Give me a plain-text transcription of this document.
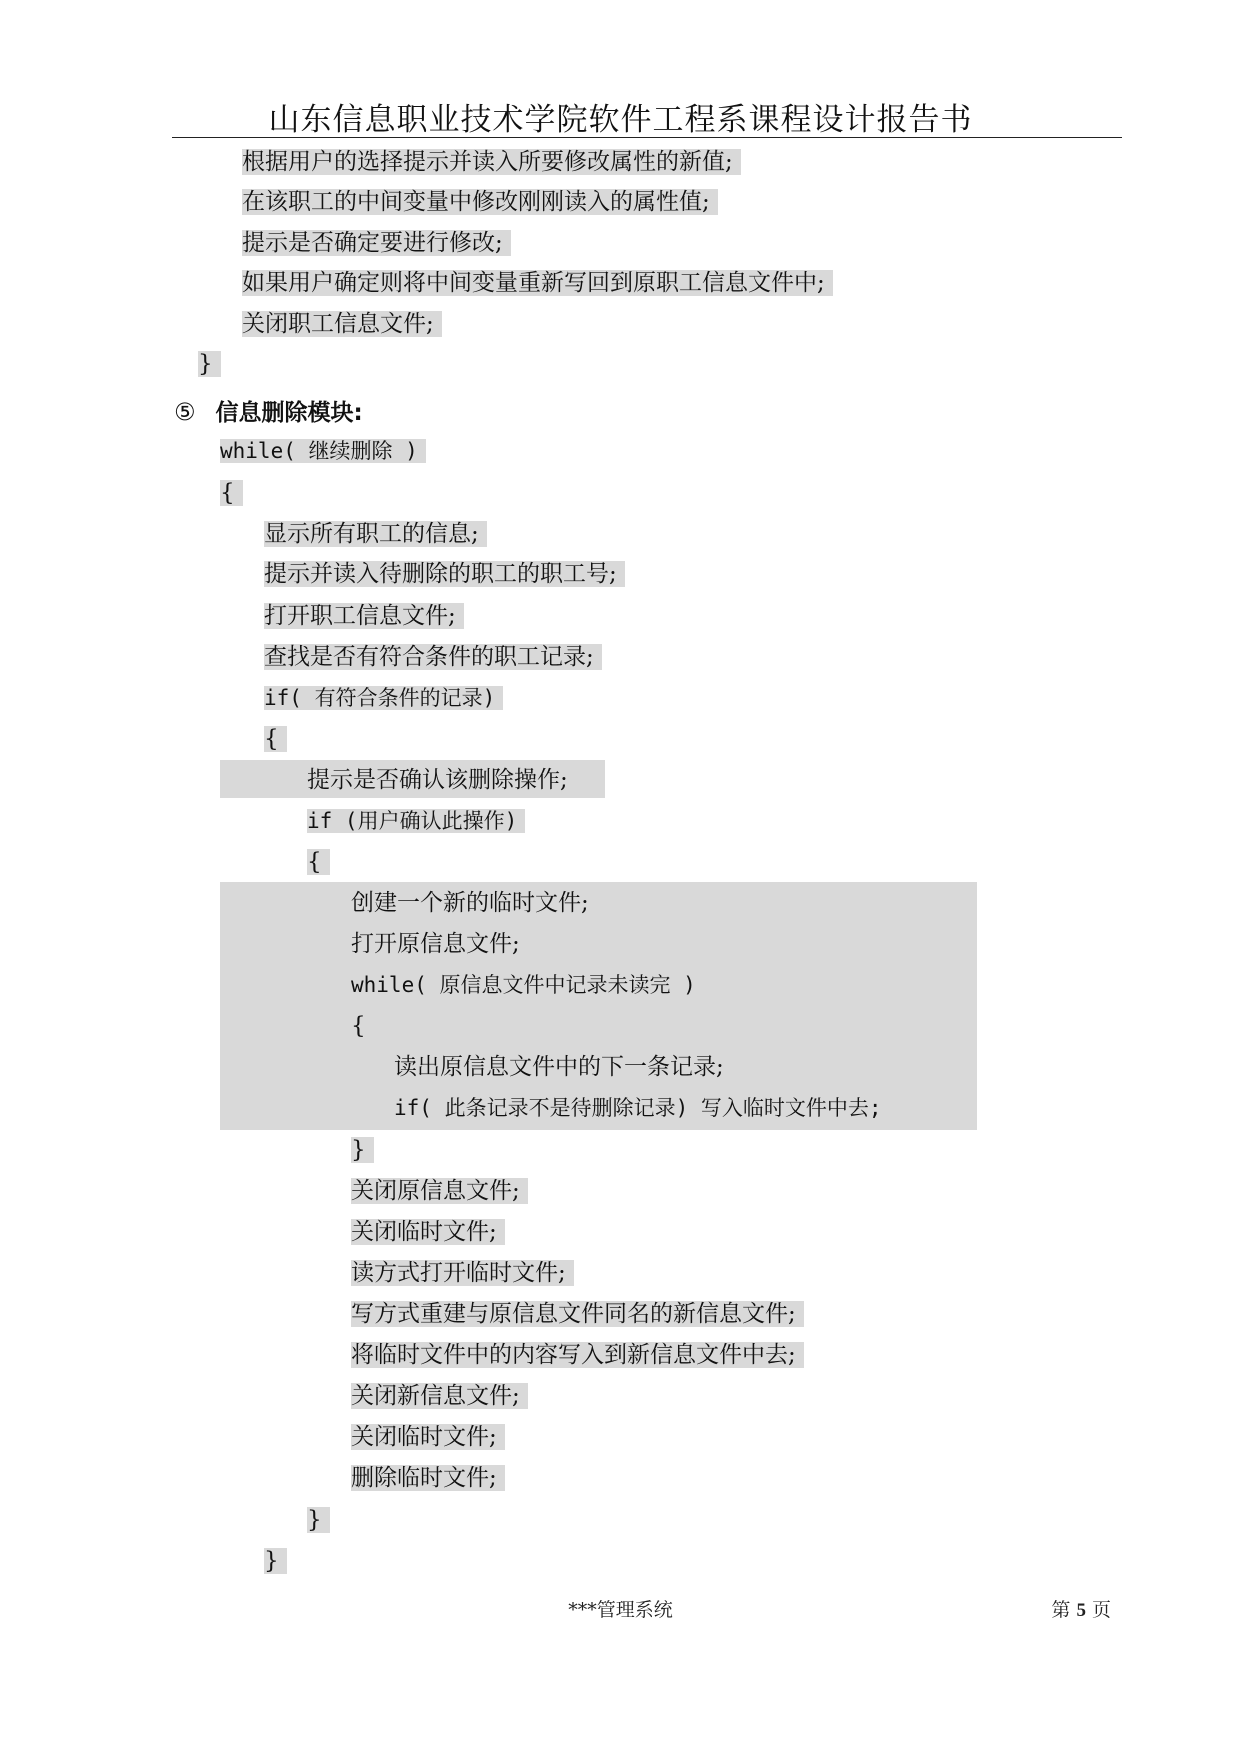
山东信息职业技术学院软件工程系课程设计报告书
根据用户的选择提示并读入所要修改属性的新值;
在该职工的中间变量中修改刚刚读入的属性值;
提示是否确定要进行修改;
如果用户确定则将中间变量重新写回到原职工信息文件中;
关闭职工信息文件;
}
⑤ 信息删除模块:
while( 继续删除 )
{
显示所有职工的信息;
提示并读入待删除的职工的职工号;
打开职工信息文件;
查找是否有符合条件的职工记录;
if( 有符合条件的记录)
{
提示是否确认该删除操作;
if (用户确认此操作)
{
创建一个新的临时文件;
打开原信息文件;
while( 原信息文件中记录未读完 )
{
读出原信息文件中的下一条记录;
if( 此条记录不是待删除记录) 写入临时文件中去;
}
关闭原信息文件;
关闭临时文件;
读方式打开临时文件;
写方式重建与原信息文件同名的新信息文件;
将临时文件中的内容写入到新信息文件中去;
关闭新信息文件;
关闭临时文件;
删除临时文件;
}
}
***管理系统	第 5 页
